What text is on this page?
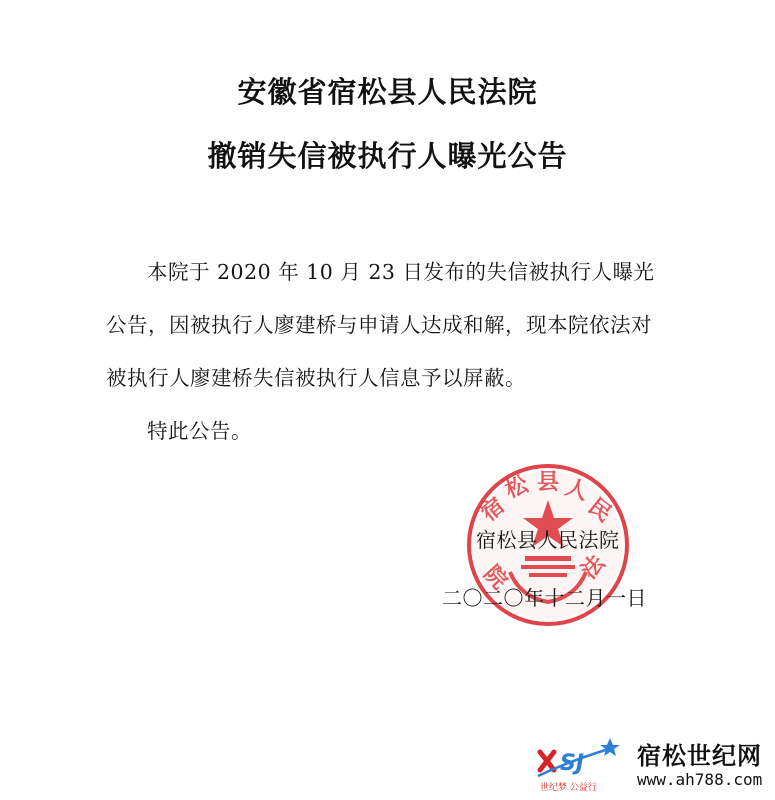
安徽省宿松县人民法院
撤销失信被执行人曝光公告
本院于 2020 年 10 月 23 日发布的失信被执行人曝光公告，因被执行人廖建桥与申请人达成和解，现本院依法对被执行人廖建桥失信被执行人信息予以屏蔽。
特此公告。
宿
松 县 人
民
法
院
宿松县人民法院
二〇二〇年十二月一日
SJ
世纪梦 公益行
宿松世纪网
www.ah788.com
